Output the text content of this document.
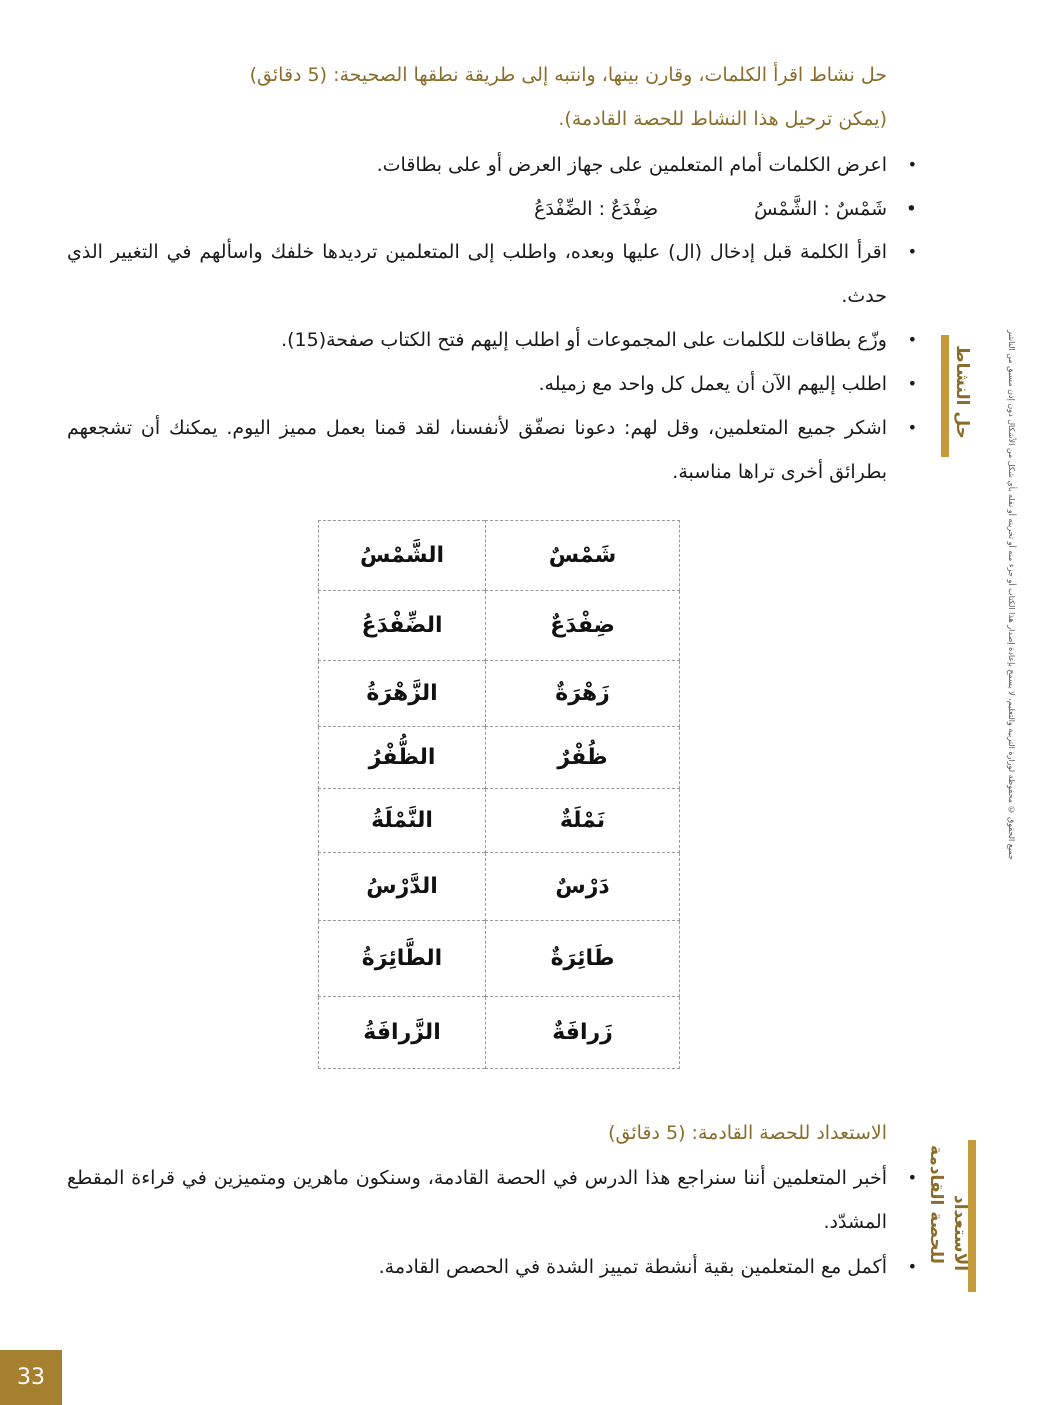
جميع الحقوق © محفوظة لوزارة التربية والتعليم، لا يسمح بإعادة إصدار هذا الكتاب أو جزء منه أو تخزينه أو نقله بأي شكل من الأشكال دون إذن مسبق من الناشر
حل النشاط
الاستعداد
للحصة القادمة
حل نشاط اقرأ الكلمات، وقارن بينها، وانتبه إلى طريقة نطقها الصحيحة: (5 دقائق)
(يمكن ترحيل هذا النشاط للحصة القادمة).
•
اعرض الكلمات أمام المتعلمين على جهاز العرض أو على بطاقات.
•
شَمْسٌ : الشَّمْسُ ضِفْدَعٌ : الضِّفْدَعُ
•
اقرأ الكلمة قبل إدخال (ال) عليها وبعده، واطلب إلى المتعلمين ترديدها خلفك واسألهم في التغيير الذي حدث.
•
وزّع بطاقات للكلمات على المجموعات أو اطلب إليهم فتح الكتاب صفحة(15).
•
اطلب إليهم الآن أن يعمل كل واحد مع زميله.
•
اشكر جميع المتعلمين، وقل لهم: دعونا نصفّق لأنفسنا، لقد قمنا بعمل مميز اليوم. يمكنك أن تشجعهم بطرائق أخرى تراها مناسبة.
شَمْسٌ	الشَّمْسُ
ضِفْدَعٌ	الضِّفْدَعُ
زَهْرَةٌ	الزَّهْرَةُ
ظُفْرٌ	الظُّفْرُ
نَمْلَةٌ	النَّمْلَةُ
دَرْسٌ	الدَّرْسُ
طَائِرَةٌ	الطَّائِرَةُ
زَرافَةٌ	الزَّرافَةُ
الاستعداد للحصة القادمة: (5 دقائق)
•
أخبر المتعلمين أننا سنراجع هذا الدرس في الحصة القادمة، وسنكون ماهرين ومتميزين في قراءة المقطع المشدّد.
•
أكمل مع المتعلمين بقية أنشطة تمييز الشدة في الحصص القادمة.
33
